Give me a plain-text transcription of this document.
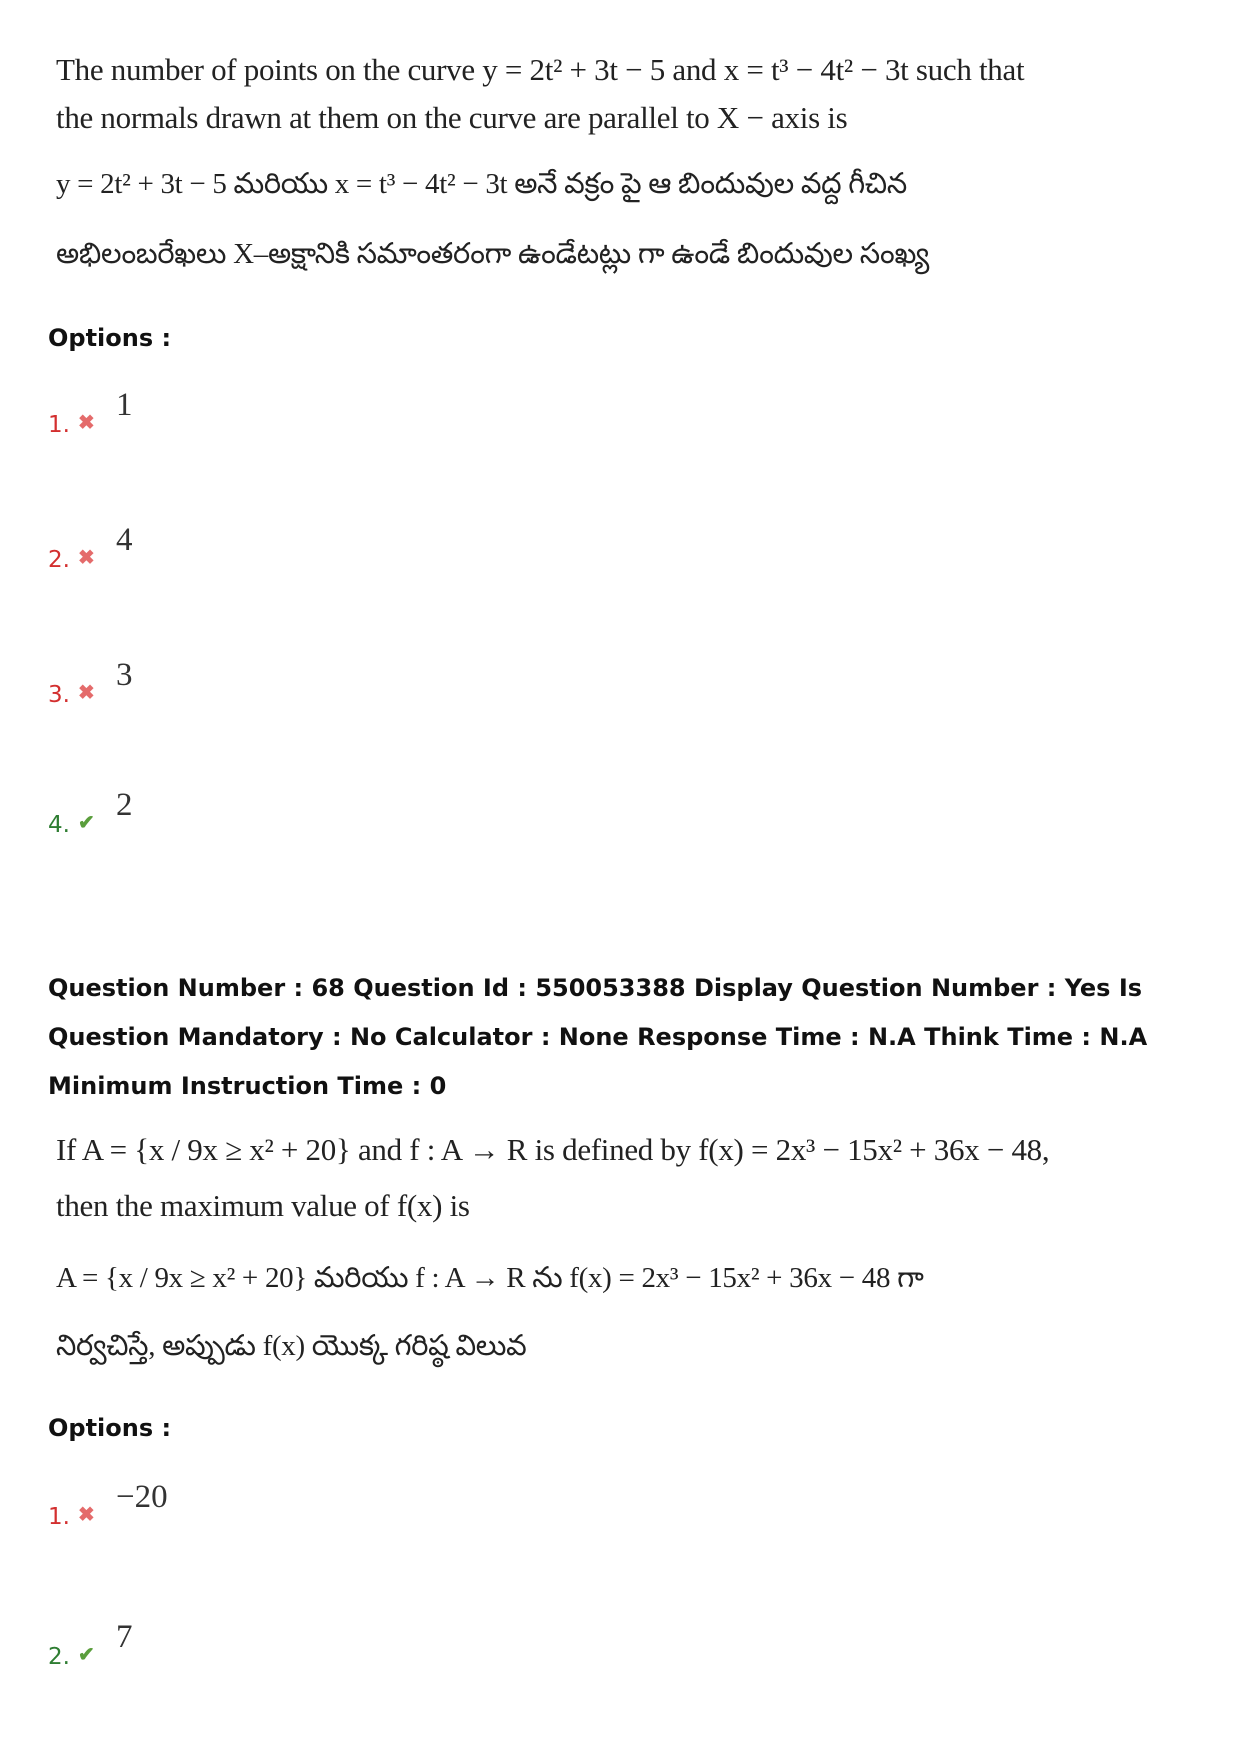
The number of points on the curve y = 2t² + 3t − 5 and x = t³ − 4t² − 3t such that
the normals drawn at them on the curve are parallel to X − axis is
y = 2t² + 3t − 5 మరియు x = t³ − 4t² − 3t అనే వక్రం పై ఆ బిందువుల వద్ద గీచిన
అభిలంబరేఖలు X–అక్షానికి సమాంతరంగా ఉండేటట్లు గా ఉండే బిందువుల సంఖ్య
Options :
1. ✖ 1
2. ✖ 4
3. ✖ 3
4. ✔ 2
Question Number : 68 Question Id : 550053388 Display Question Number : Yes Is Question Mandatory : No Calculator : None Response Time : N.A Think Time : N.A Minimum Instruction Time : 0
If A = {x / 9x ≥ x² + 20} and f : A → R is defined by f(x) = 2x³ − 15x² + 36x − 48,
then the maximum value of f(x) is
A = {x / 9x ≥ x² + 20} మరియు f : A → R ను f(x) = 2x³ − 15x² + 36x − 48 గా
నిర్వచిస్తే, అప్పుడు f(x) యొక్క గరిష్ఠ విలువ
Options :
1. ✖ −20
2. ✔ 7
